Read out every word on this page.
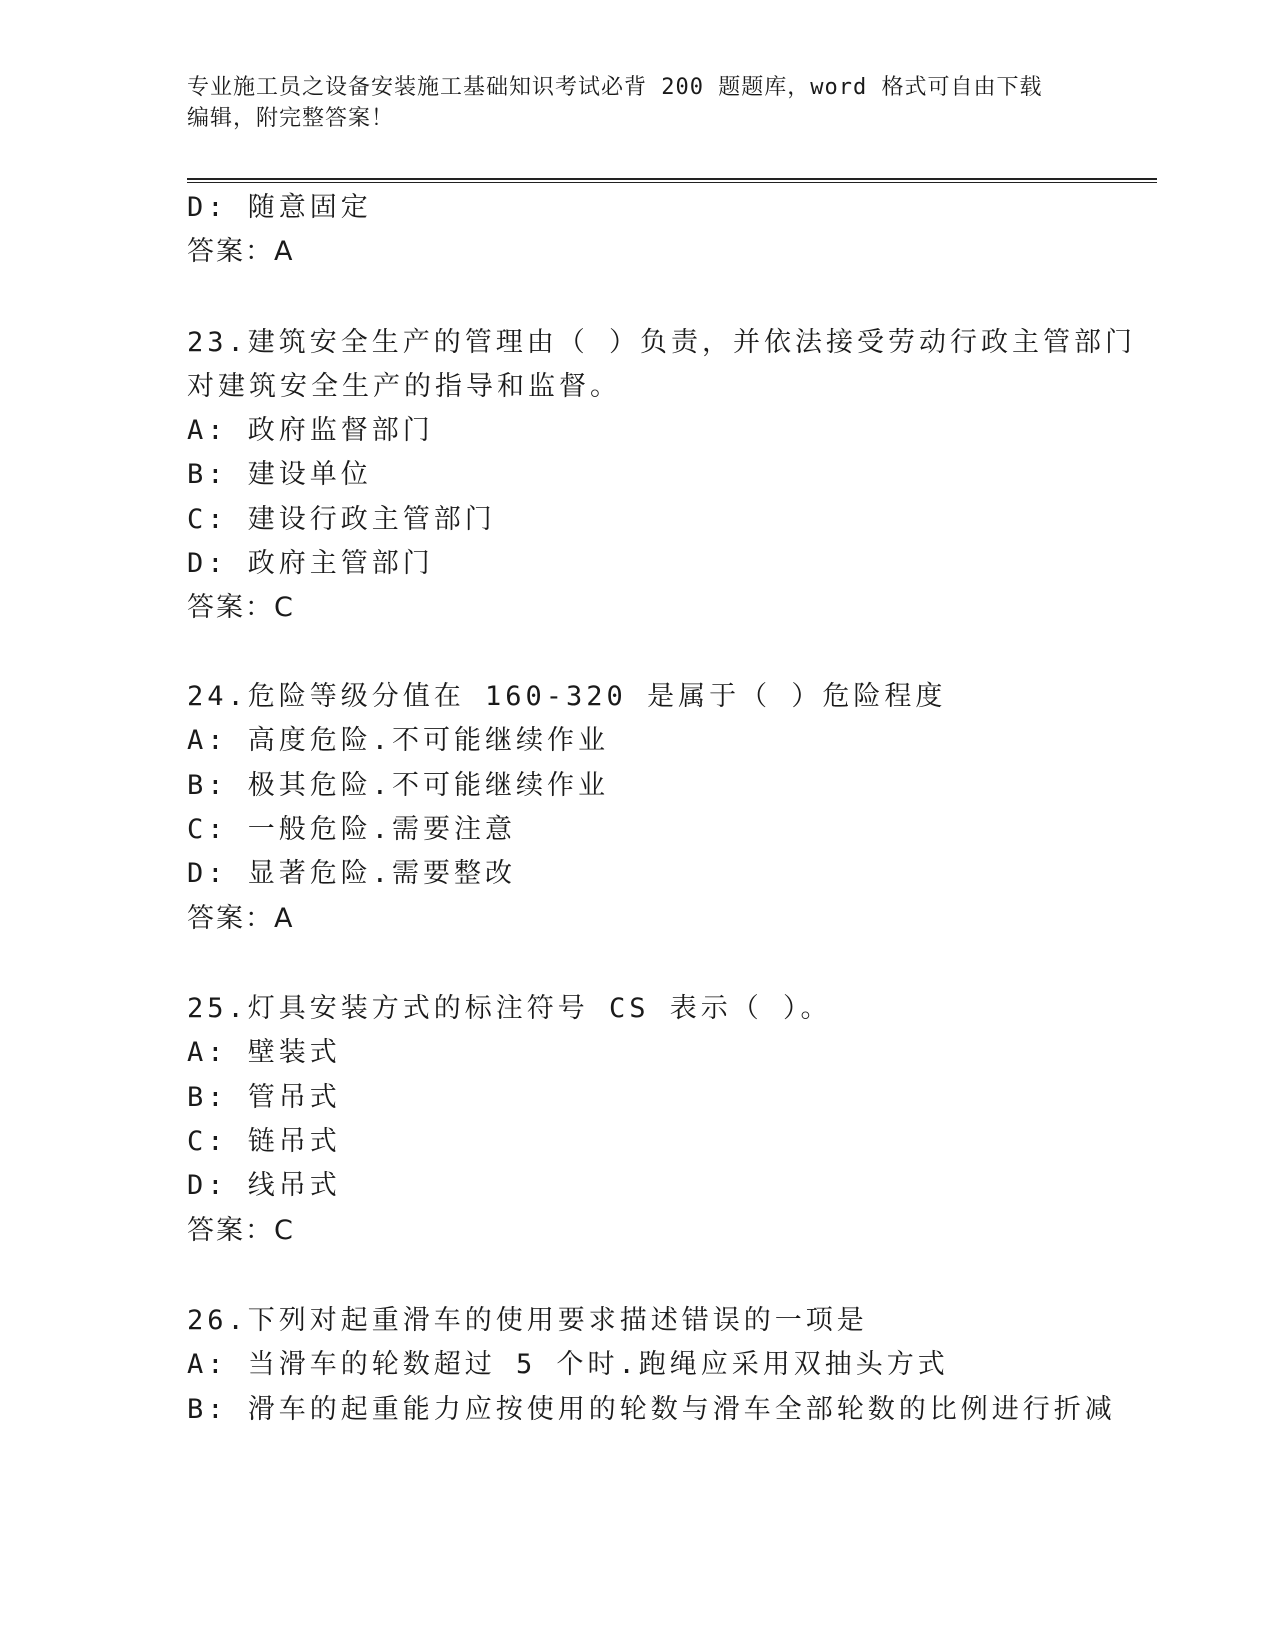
专业施工员之设备安装施工基础知识考试必背 200 题题库，word 格式可自由下载
编辑，附完整答案！
D: 随意固定
答案：A
23.建筑安全生产的管理由（ ）负责，并依法接受劳动行政主管部门
对建筑安全生产的指导和监督。
A: 政府监督部门
B: 建设单位
C: 建设行政主管部门
D: 政府主管部门
答案：C
24.危险等级分值在 160-320 是属于（ ）危险程度
A: 高度危险.不可能继续作业
B: 极其危险.不可能继续作业
C: 一般危险.需要注意
D: 显著危险.需要整改
答案：A
25.灯具安装方式的标注符号 CS 表示（ ）。
A: 壁装式
B: 管吊式
C: 链吊式
D: 线吊式
答案：C
26.下列对起重滑车的使用要求描述错误的一项是
A: 当滑车的轮数超过 5 个时.跑绳应采用双抽头方式
B: 滑车的起重能力应按使用的轮数与滑车全部轮数的比例进行折减
